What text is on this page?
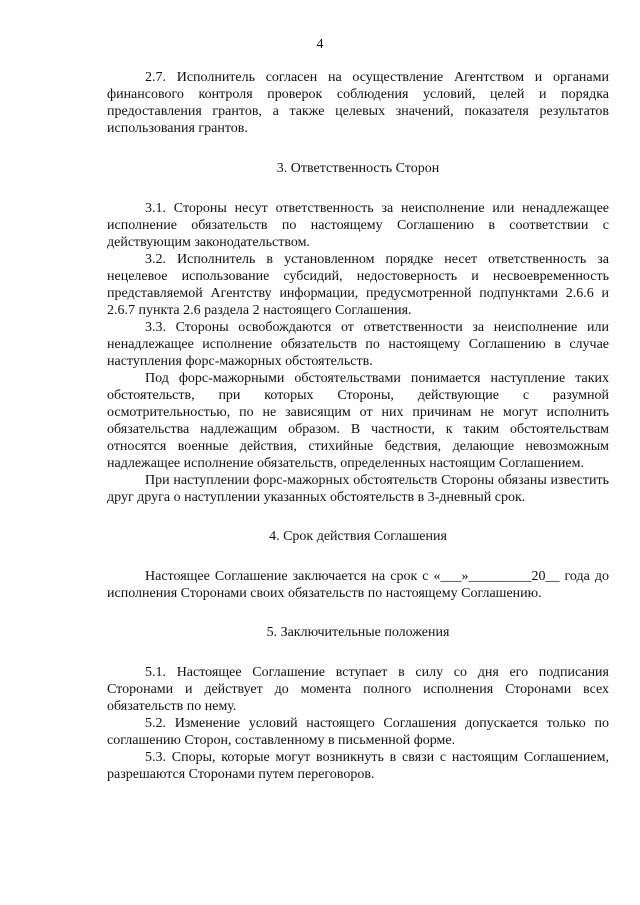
4

2.7. Исполнитель согласен на осуществление Агентством и органами финансового контроля проверок соблюдения условий, целей и порядка предоставления грантов, а также целевых значений, показателя результатов использования грантов.

3. Ответственность Сторон

3.1. Стороны несут ответственность за неисполнение или ненадлежащее исполнение обязательств по настоящему Соглашению в соответствии с действующим законодательством.

3.2. Исполнитель в установленном порядке несет ответственность за нецелевое использование субсидий, недостоверность и несвоевременность представляемой Агентству информации, предусмотренной подпунктами 2.6.6 и 2.6.7 пункта 2.6 раздела 2 настоящего Соглашения.

3.3. Стороны освобождаются от ответственности за неисполнение или ненадлежащее исполнение обязательств по настоящему Соглашению в случае наступления форс-мажорных обстоятельств.

Под форс-мажорными обстоятельствами понимается наступление таких обстоятельств, при которых Стороны, действующие с разумной осмотрительностью, по не зависящим от них причинам не могут исполнить обязательства надлежащим образом. В частности, к таким обстоятельствам относятся военные действия, стихийные бедствия, делающие невозможным надлежащее исполнение обязательств, определенных настоящим Соглашением.

При наступлении форс-мажорных обстоятельств Стороны обязаны известить друг друга о наступлении указанных обстоятельств в 3-дневный срок.

4. Срок действия Соглашения

Настоящее Соглашение заключается на срок с «___»_________20__ года до исполнения Сторонами своих обязательств по настоящему Соглашению.

5. Заключительные положения

5.1. Настоящее Соглашение вступает в силу со дня его подписания Сторонами и действует до момента полного исполнения Сторонами всех обязательств по нему.

5.2. Изменение условий настоящего Соглашения допускается только по соглашению Сторон, составленному в письменной форме.

5.3. Споры, которые могут возникнуть в связи с настоящим Соглашением, разрешаются Сторонами путем переговоров.
